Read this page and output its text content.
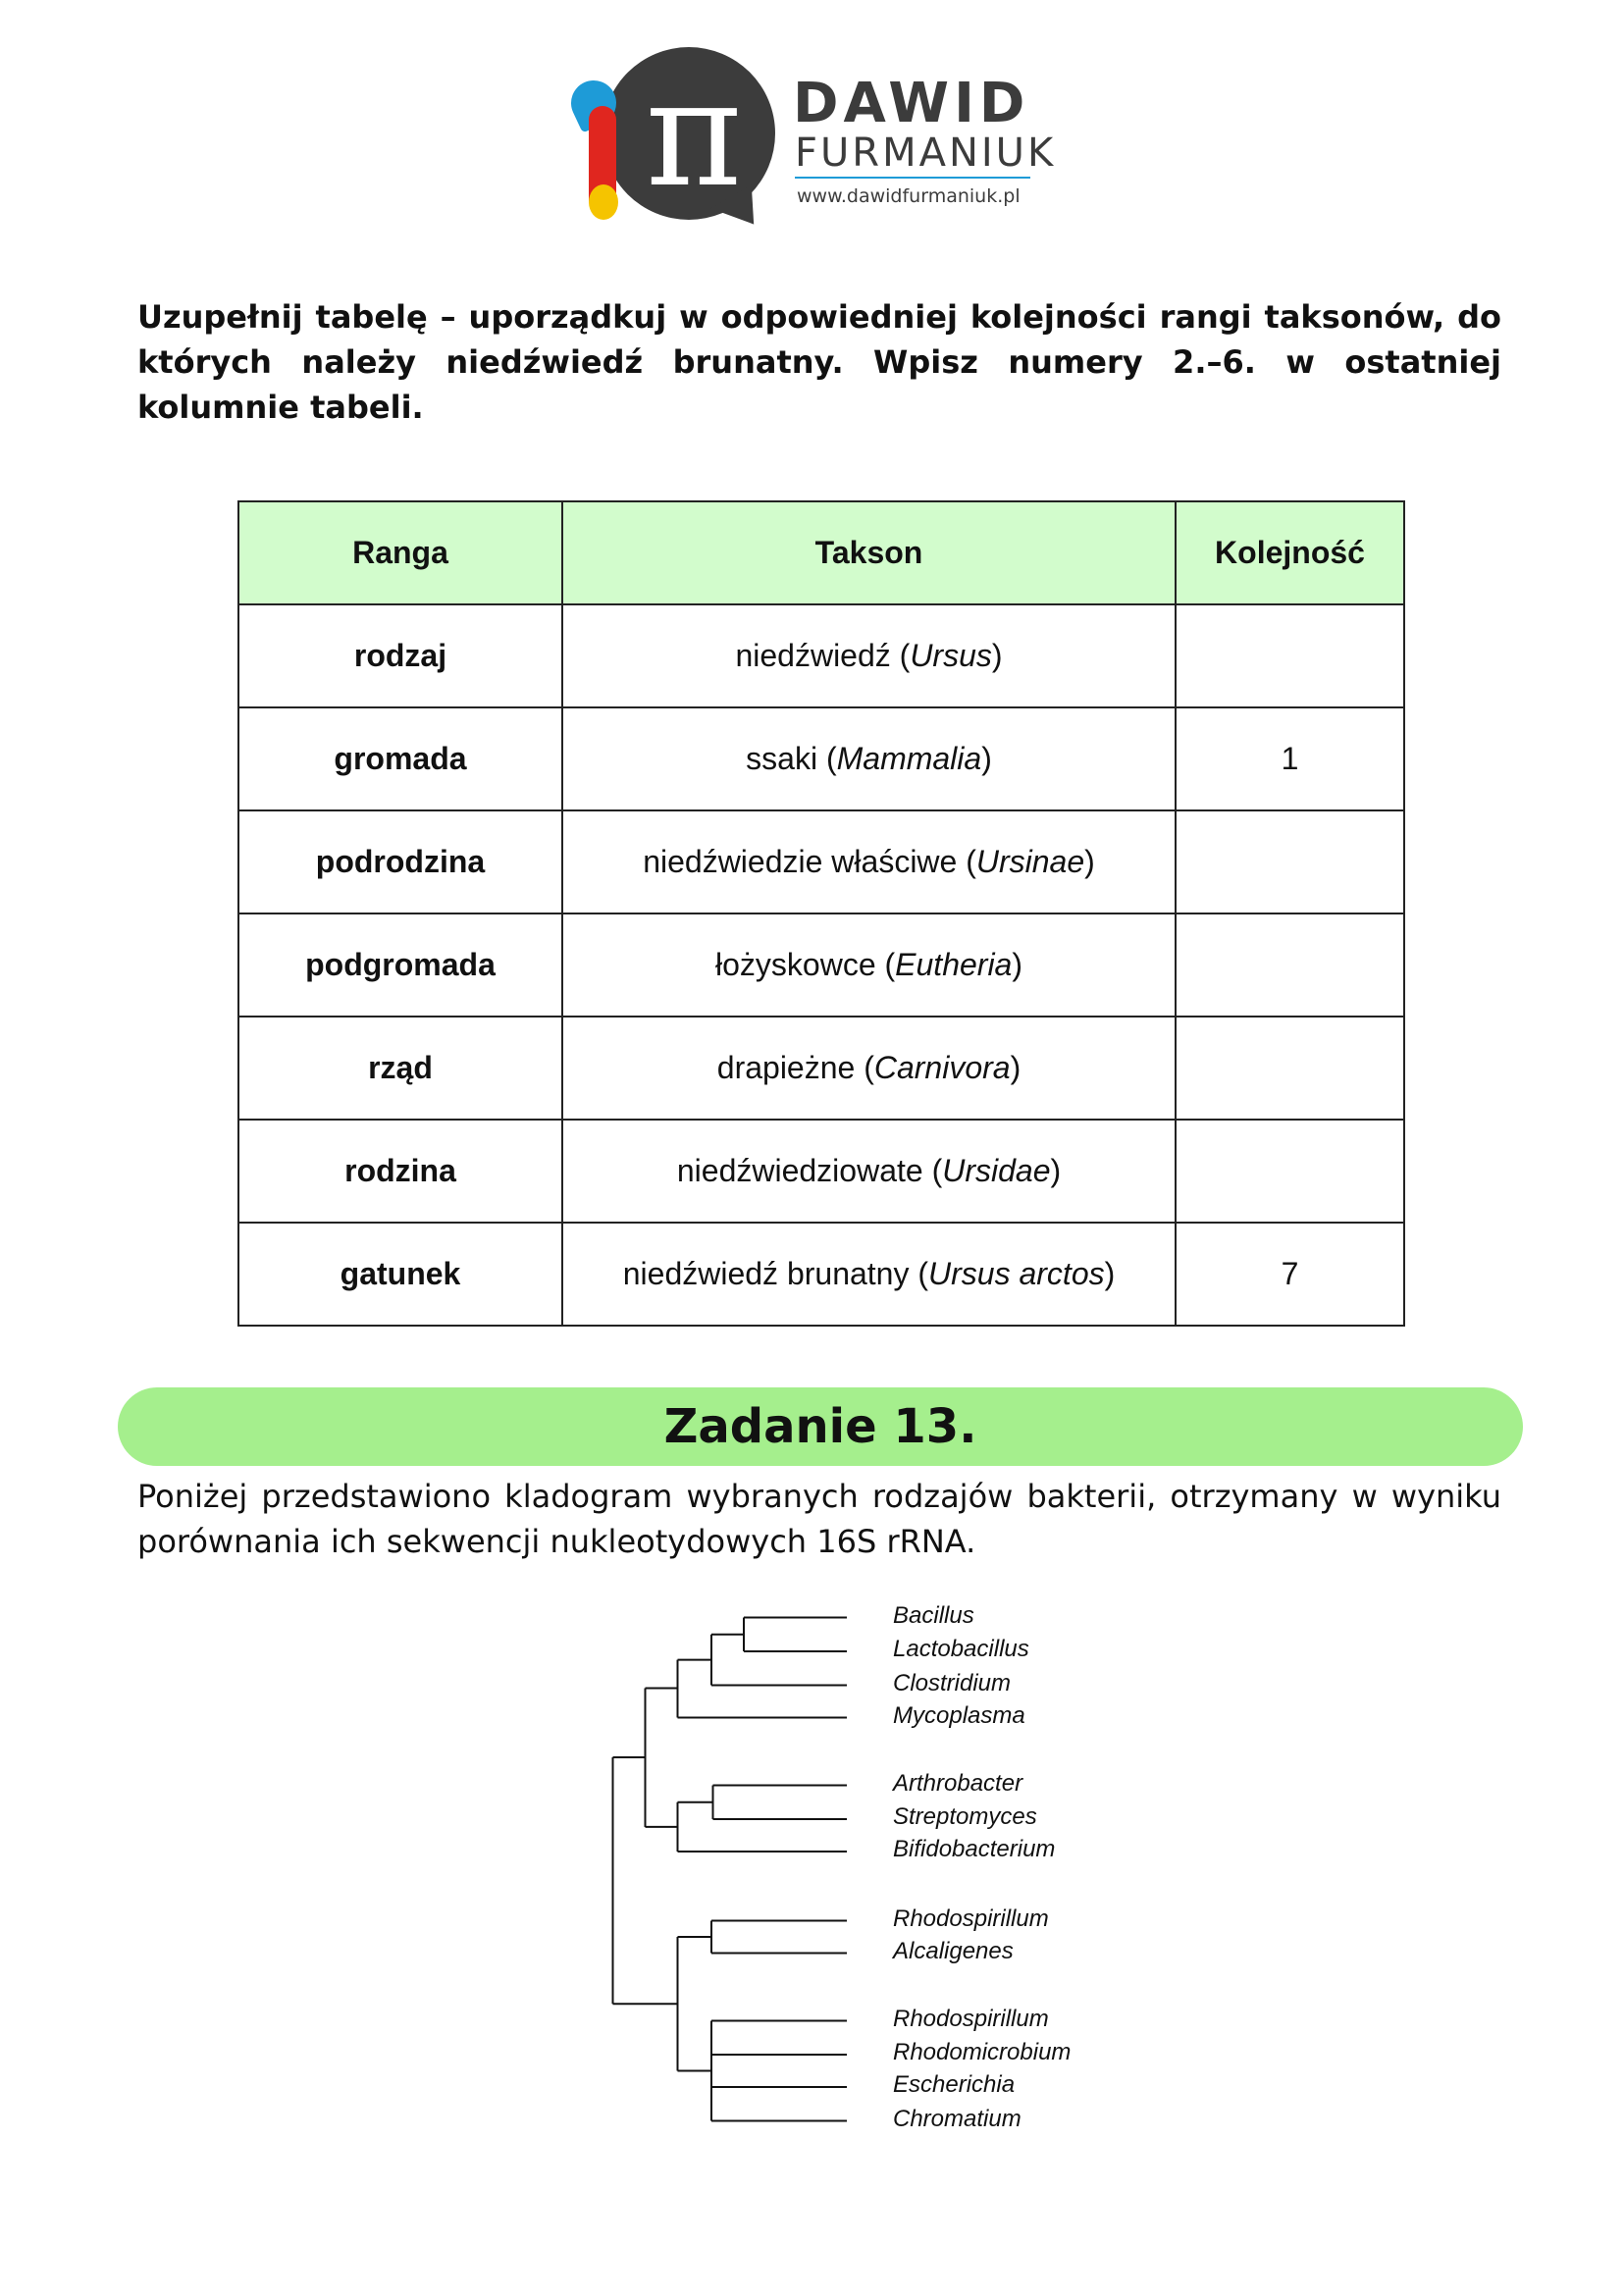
π DAWID
FURMANIUK
www.dawidfurmaniuk.pl
Uzupełnij tabelę – uporządkuj w odpowiedniej kolejności rangi taksonów, do których należy niedźwiedź brunatny. Wpisz numery 2.–6. w ostatniej kolumnie tabeli.
Ranga	Takson	Kolejność
rodzaj	niedźwiedź (Ursus)	
gromada	ssaki (Mammalia)	1
podrodzina	niedźwiedzie właściwe (Ursinae)	
podgromada	łożyskowce (Eutheria)	
rząd	drapieżne (Carnivora)	
rodzina	niedźwiedziowate (Ursidae)	
gatunek	niedźwiedź brunatny (Ursus arctos)	7
Zadanie 13.
Poniżej przedstawiono kladogram wybranych rodzajów bakterii, otrzymany w wyniku porównania ich sekwencji nukleotydowych 16S rRNA.
Bacillus
Lactobacillus
Clostridium
Mycoplasma
Arthrobacter
Streptomyces
Bifidobacterium
Rhodospirillum
Alcaligenes
Rhodospirillum
Rhodomicrobium
Escherichia
Chromatium
